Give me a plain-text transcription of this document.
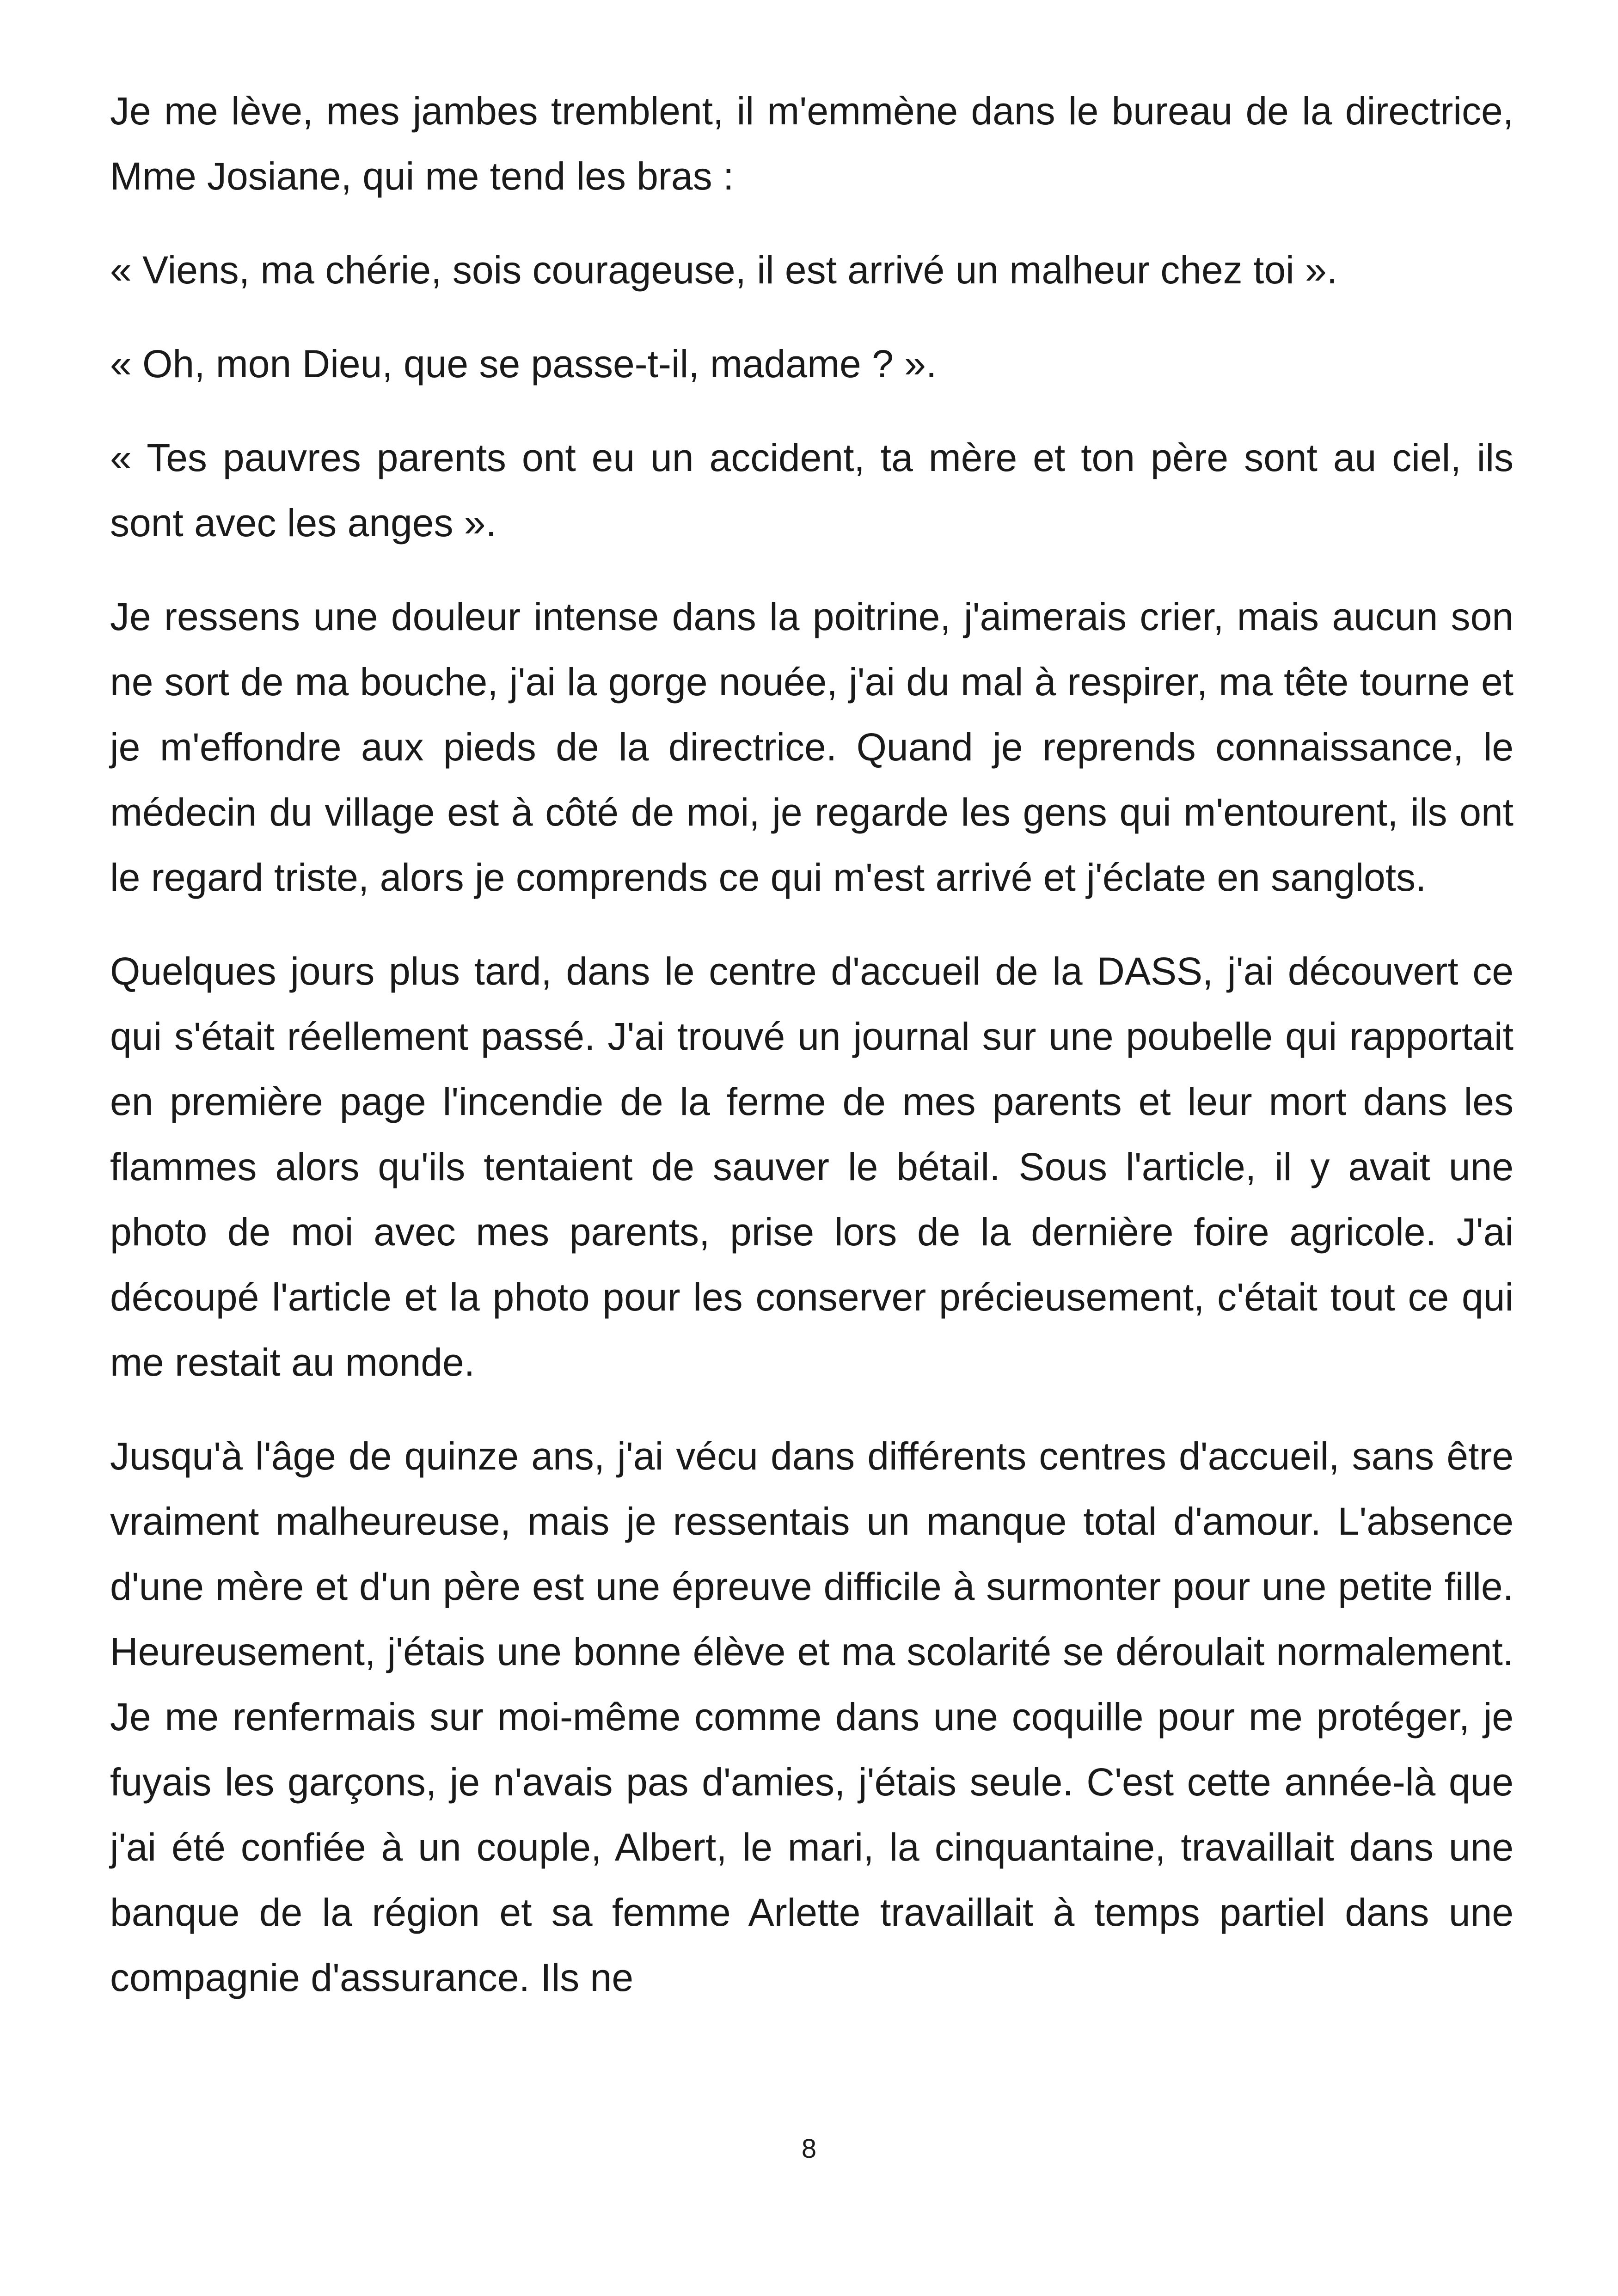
Je me lève, mes jambes tremblent, il m'emmène dans le bureau de la directrice, Mme Josiane, qui me tend les bras :

« Viens, ma chérie, sois courageuse, il est arrivé un malheur chez toi ».

« Oh, mon Dieu, que se passe-t-il, madame ? ».

« Tes pauvres parents ont eu un accident, ta mère et ton père sont au ciel, ils sont avec les anges ».

Je ressens une douleur intense dans la poitrine, j'aimerais crier, mais aucun son ne sort de ma bouche, j'ai la gorge nouée, j'ai du mal à respirer, ma tête tourne et je m'effondre aux pieds de la directrice. Quand je reprends connaissance, le médecin du village est à côté de moi, je regarde les gens qui m'entourent, ils ont le regard triste, alors je comprends ce qui m'est arrivé et j'éclate en sanglots.

Quelques jours plus tard, dans le centre d'accueil de la DASS, j'ai découvert ce qui s'était réellement passé. J'ai trouvé un journal sur une poubelle qui rapportait en première page l'incendie de la ferme de mes parents et leur mort dans les flammes alors qu'ils tentaient de sauver le bétail. Sous l'article, il y avait une photo de moi avec mes parents, prise lors de la dernière foire agricole. J'ai découpé l'article et la photo pour les conserver précieusement, c'était tout ce qui me restait au monde.

Jusqu'à l'âge de quinze ans, j'ai vécu dans différents centres d'accueil, sans être vraiment malheureuse, mais je ressentais un manque total d'amour. L'absence d'une mère et d'un père est une épreuve difficile à surmonter pour une petite fille. Heureusement, j'étais une bonne élève et ma scolarité se déroulait normalement. Je me renfermais sur moi-même comme dans une coquille pour me protéger, je fuyais les garçons, je n'avais pas d'amies, j'étais seule. C'est cette année-là que j'ai été confiée à un couple, Albert, le mari, la cinquantaine, travaillait dans une banque de la région et sa femme Arlette travaillait à temps partiel dans une compagnie d'assurance. Ils ne

8
